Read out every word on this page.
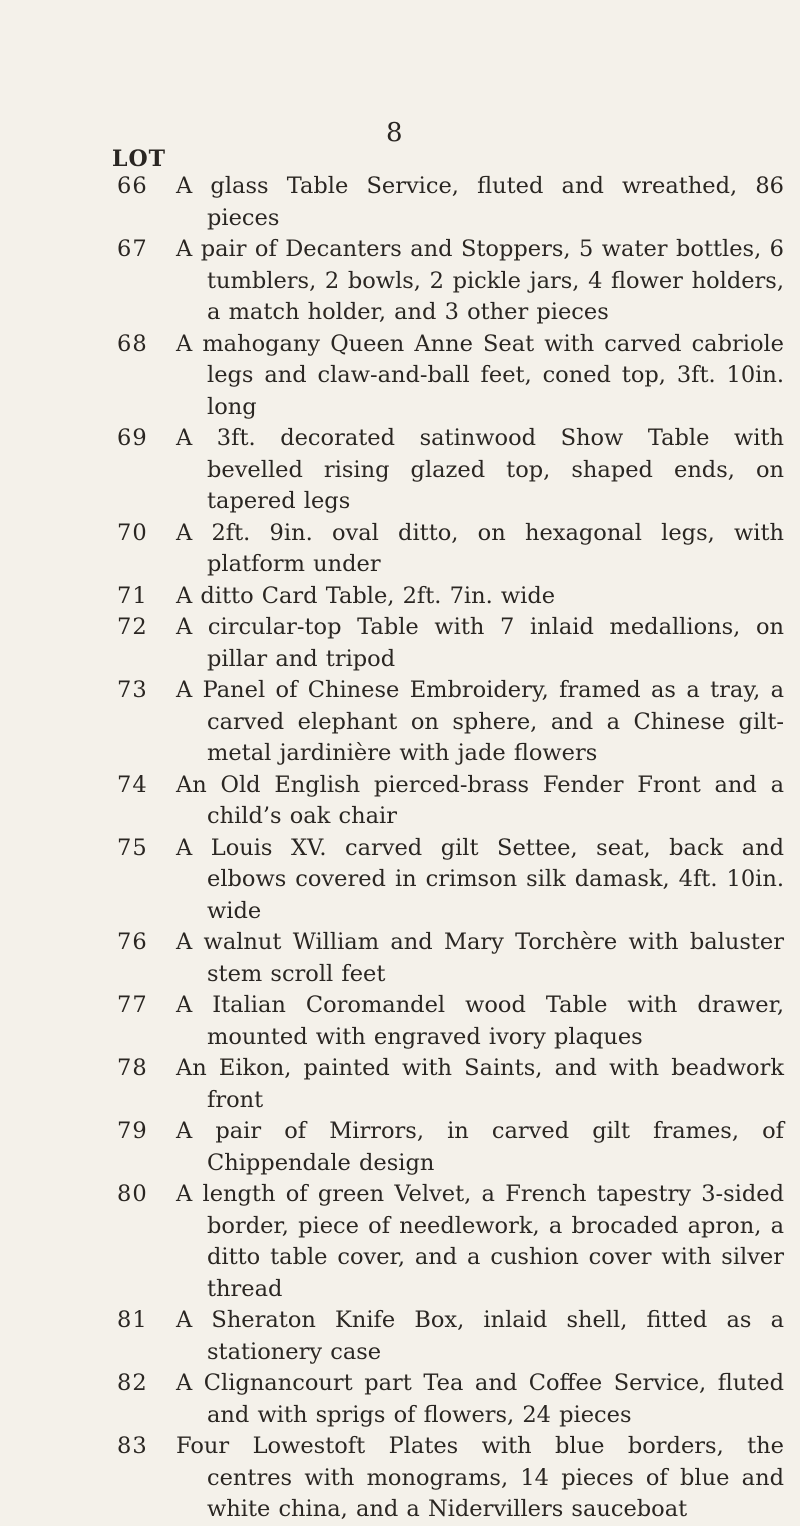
8
LOT
66	A glass Table Service, fluted and wreathed, 86 pieces
67	A pair of Decanters and Stoppers, 5 water bottles, 6 tumblers, 2 bowls, 2 pickle jars, 4 flower holders, a match holder, and 3 other pieces
68	A mahogany Queen Anne Seat with carved cabriole legs and claw-and-ball feet, coned top, 3ft. 10in. long
69	A 3ft. decorated satinwood Show Table with bevelled rising glazed top, shaped ends, on tapered legs
70	A 2ft. 9in. oval ditto, on hexagonal legs, with platform under
71	A ditto Card Table, 2ft. 7in. wide
72	A circular-top Table with 7 inlaid medallions, on pillar and tripod
73	A Panel of Chinese Embroidery, framed as a tray, a carved elephant on sphere, and a Chinese gilt-metal jardinière with jade flowers
74	An Old English pierced-brass Fender Front and a child’s oak chair
75	A Louis XV. carved gilt Settee, seat, back and elbows covered in crimson silk damask, 4ft. 10in. wide
76	A walnut William and Mary Torchère with baluster stem scroll feet
77	A Italian Coromandel wood Table with drawer, mounted with engraved ivory plaques
78	An Eikon, painted with Saints, and with beadwork front
79	A pair of Mirrors, in carved gilt frames, of Chippendale design
80	A length of green Velvet, a French tapestry 3-sided border, piece of needlework, a brocaded apron, a ditto table cover, and a cushion cover with silver thread
81	A Sheraton Knife Box, inlaid shell, fitted as a stationery case
82	A Clignancourt part Tea and Coffee Service, fluted and with sprigs of flowers, 24 pieces
83	Four Lowestoft Plates with blue borders, the centres with monograms, 14 pieces of blue and white china, and a Nidervillers sauceboat
